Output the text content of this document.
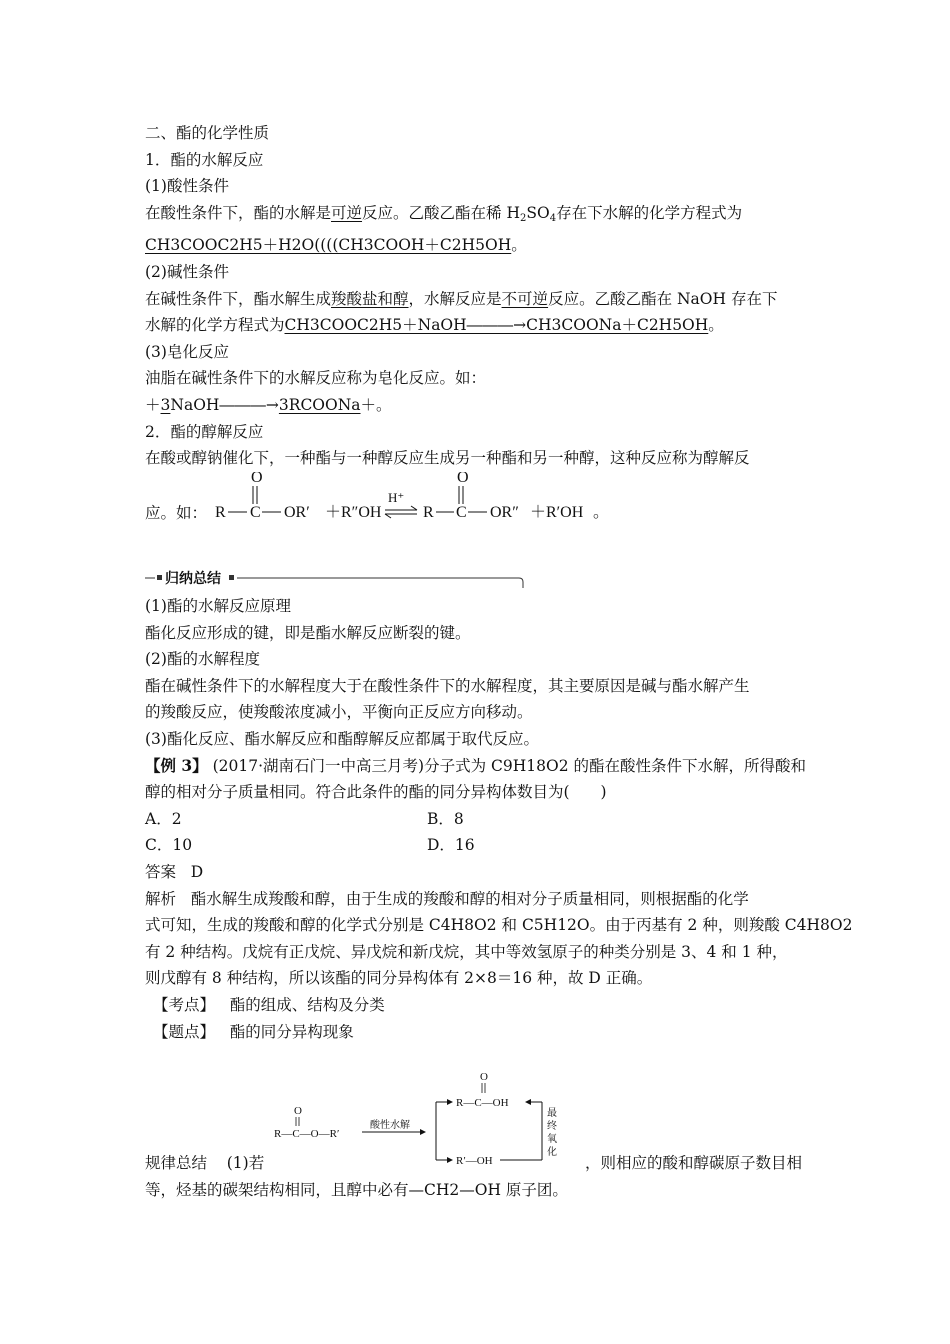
二、酯的化学性质
1．酯的水解反应
(1)酸性条件
在酸性条件下，酯的水解是可逆反应。乙酸乙酯在稀 $H_2SO_4$存在下水解的化学方程式为
CH3COOC2H5＋H2O((((CH3COOH＋C2H5OH。
(2)碱性条件
在碱性条件下，酯水解生成羧酸盐和醇，水解反应是不可逆反应。乙酸乙酯在 NaOH 存在下
水解的化学方程式为CH3COOC2H5＋NaOH―――→CH3COONa＋C2H5OH。
(3)皂化反应
油脂在碱性条件下的水解反应称为皂化反应。如：
＋3NaOH―――→3RCOONa＋。
2．酯的醇解反应
在酸或醇钠催化下，一种酯与一种醇反应生成另一种酯和另一种醇，这种反应称为醇解反
应。如：
O
R C OR′ ＋R″OH
H⁺
O
R C OR″ ＋R′OH 。
归纳总结
(1)酯的水解反应原理
酯化反应形成的键，即是酯水解反应断裂的键。
(2)酯的水解程度
酯在碱性条件下的水解程度大于在酸性条件下的水解程度，其主要原因是碱与酯水解产生
的羧酸反应，使羧酸浓度减小，平衡向正反应方向移动。
(3)酯化反应、酯水解反应和酯醇解反应都属于取代反应。
【例 3】 (2017·湖南石门一中高三月考)分子式为 C9H18O2 的酯在酸性条件下水解，所得酸和
醇的相对分子质量相同。符合此条件的酯的同分异构体数目为(　　)
A．2	B．8
C．10	D．16
答案 D
解析 酯水解生成羧酸和醇，由于生成的羧酸和醇的相对分子质量相同，则根据酯的化学
式可知，生成的羧酸和醇的化学式分别是 C4H8O2 和 C5H12O。由于丙基有 2 种，则羧酸 C4H8O2
有 2 种结构。戊烷有正戊烷、异戊烷和新戊烷，其中等效氢原子的种类分别是 3、4 和 1 种，
则戊醇有 8 种结构，所以该酯的同分异构体有 2×8＝16 种，故 D 正确。
【考点】 酯的组成、结构及分类
【题点】 酯的同分异构现象
O
R—C—O—R′
酸性水解
O
R—C—OH
R′—OH
最
终
氧
化
规律总结 (1)若	，则相应的酸和醇碳原子数目相
等，烃基的碳架结构相同，且醇中必有—CH2—OH 原子团。
